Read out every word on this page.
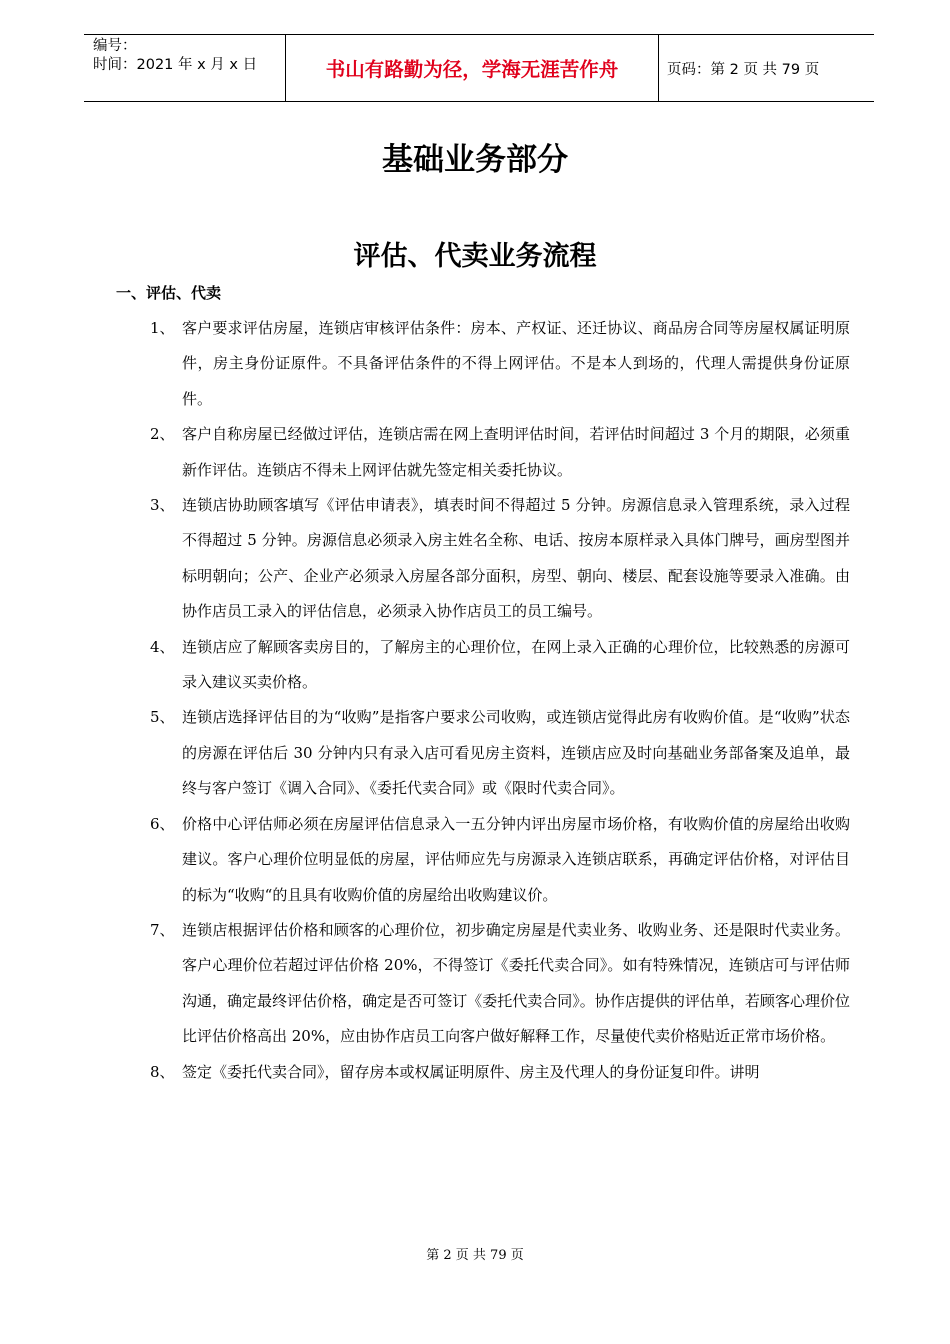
编号：
时间：2021 年 x 月 x 日	书山有路勤为径，学海无涯苦作舟	页码：第 2 页 共 79 页
基础业务部分
评估、代卖业务流程
一、评估、代卖
1、 客户要求评估房屋，连锁店审核评估条件：房本、产权证、还迁协议、商品房合同等房屋权属证明原件，房主身份证原件。不具备评估条件的不得上网评估。不是本人到场的，代理人需提供身份证原件。
2、 客户自称房屋已经做过评估，连锁店需在网上查明评估时间，若评估时间超过 3 个月的期限，必须重新作评估。连锁店不得未上网评估就先签定相关委托协议。
3、 连锁店协助顾客填写《评估申请表》，填表时间不得超过 5 分钟。房源信息录入管理系统，录入过程不得超过 5 分钟。房源信息必须录入房主姓名全称、电话、按房本原样录入具体门牌号，画房型图并标明朝向；公产、企业产必须录入房屋各部分面积，房型、朝向、楼层、配套设施等要录入准确。由协作店员工录入的评估信息，必须录入协作店员工的员工编号。
4、 连锁店应了解顾客卖房目的，了解房主的心理价位，在网上录入正确的心理价位，比较熟悉的房源可录入建议买卖价格。
5、 连锁店选择评估目的为“收购”是指客户要求公司收购，或连锁店觉得此房有收购价值。是“收购”状态的房源在评估后 30 分钟内只有录入店可看见房主资料，连锁店应及时向基础业务部备案及追单，最终与客户签订《调入合同》、《委托代卖合同》或《限时代卖合同》。
6、 价格中心评估师必须在房屋评估信息录入一五分钟内评出房屋市场价格，有收购价值的房屋给出收购建议。客户心理价位明显低的房屋，评估师应先与房源录入连锁店联系，再确定评估价格，对评估目的标为“收购“的且具有收购价值的房屋给出收购建议价。
7、 连锁店根据评估价格和顾客的心理价位，初步确定房屋是代卖业务、收购业务、还是限时代卖业务。客户心理价位若超过评估价格 20%，不得签订《委托代卖合同》。如有特殊情况，连锁店可与评估师沟通，确定最终评估价格，确定是否可签订《委托代卖合同》。协作店提供的评估单，若顾客心理价位比评估价格高出 20%，应由协作店员工向客户做好解释工作，尽量使代卖价格贴近正常市场价格。
8、 签定《委托代卖合同》，留存房本或权属证明原件、房主及代理人的身份证复印件。讲明
第 2 页 共 79 页
